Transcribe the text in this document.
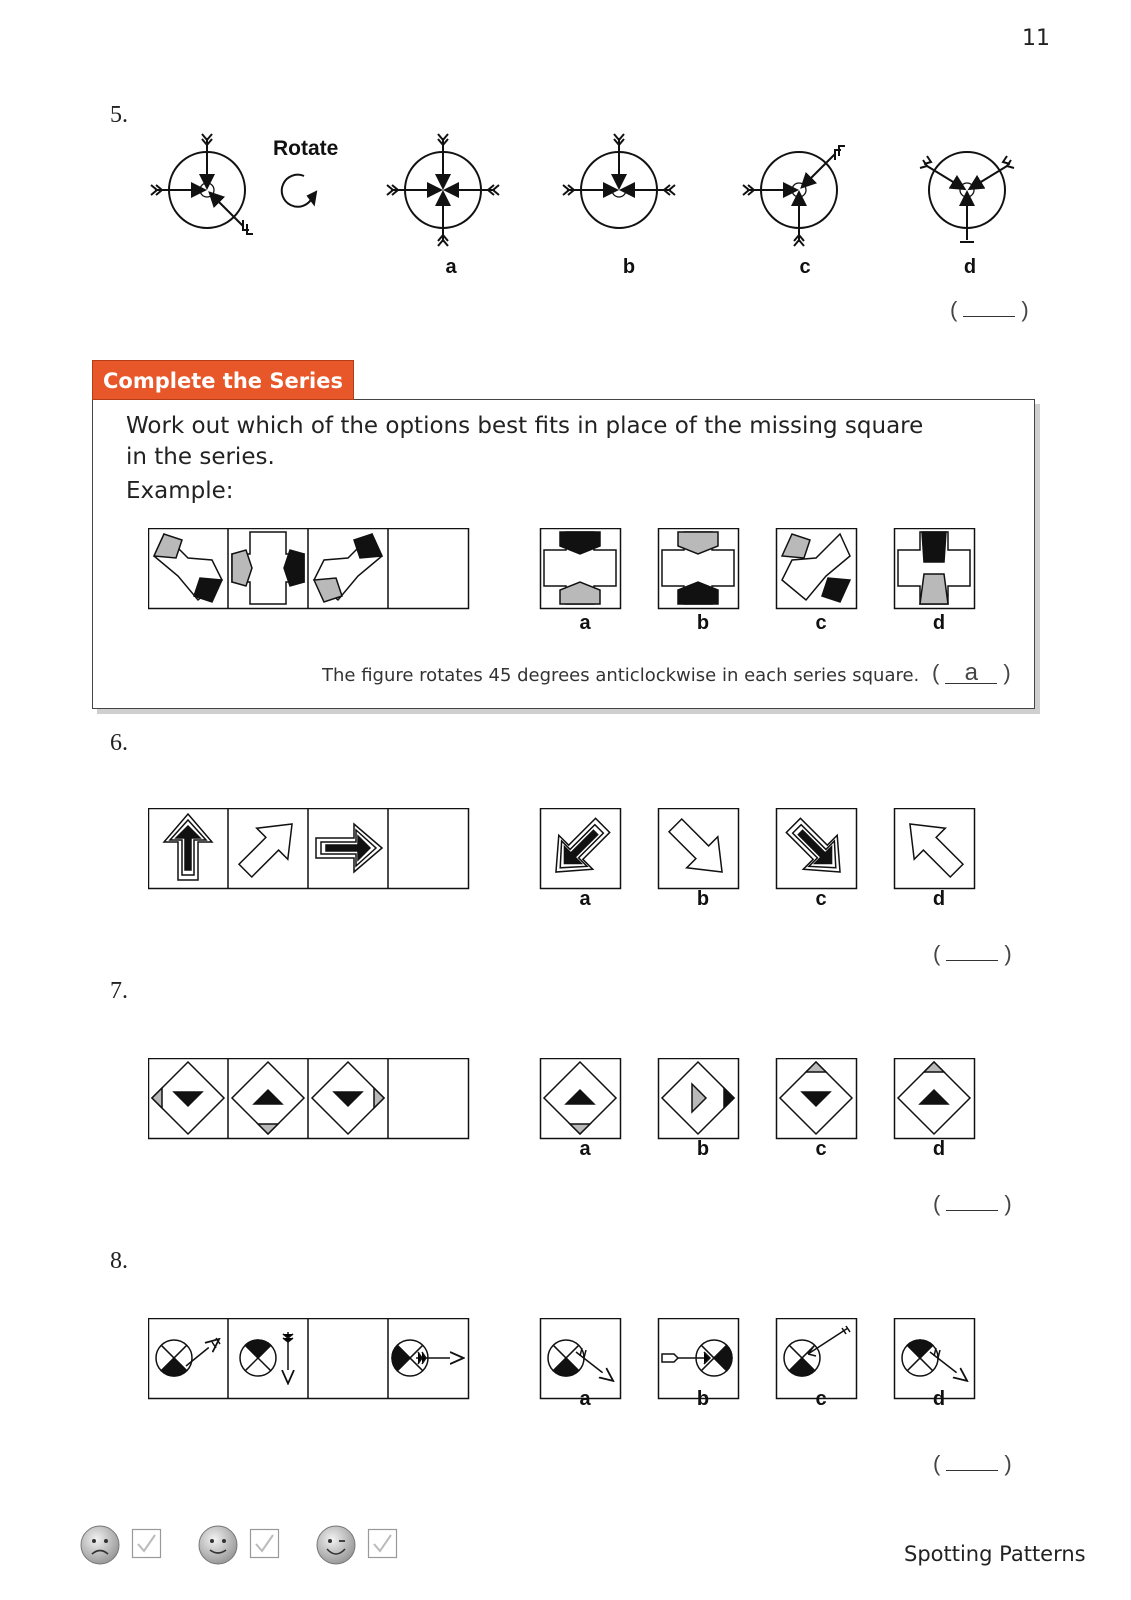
11
5.
Rotate
a	b	c	d
(	)
Complete the Series
Work out which of the options best fits in place of the missing square in the series.
Example:
a	b	c	d
The figure rotates 45 degrees anticlockwise in each series square. ( a )
6.
a	b	c	d
(	)
7.
a	b	c	d
(	)
8.
a	b	c	d
(	)
Spotting Patterns
